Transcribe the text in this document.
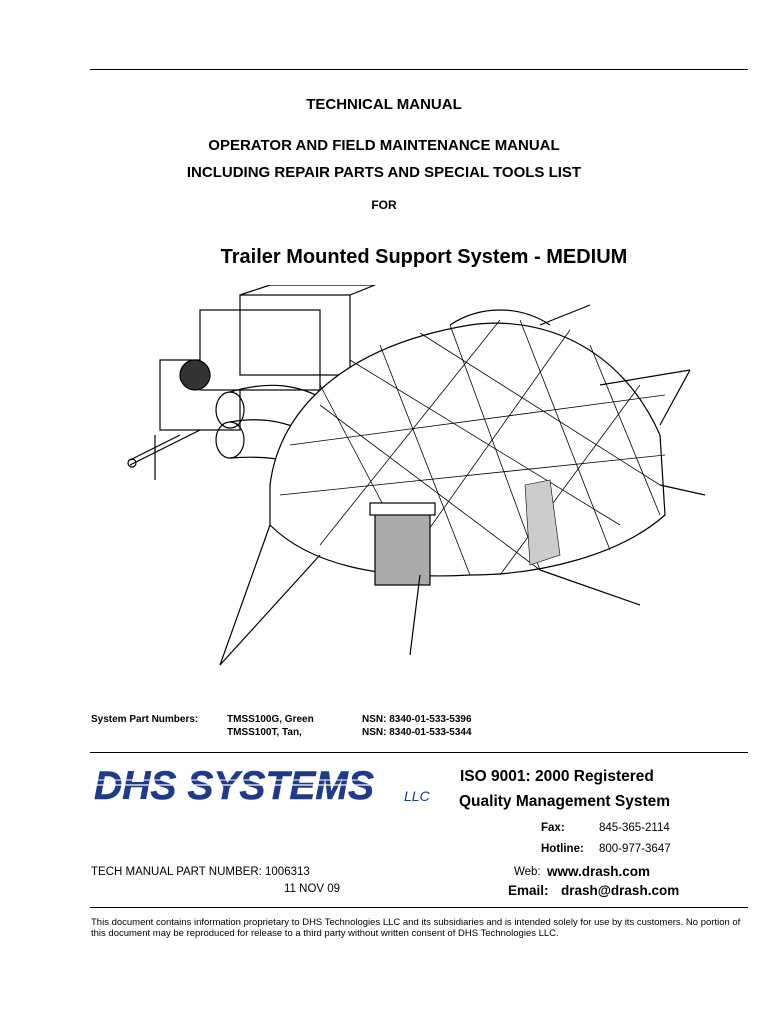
TECHNICAL MANUAL
OPERATOR AND FIELD MAINTENANCE MANUAL
INCLUDING REPAIR PARTS AND SPECIAL TOOLS LIST
FOR
Trailer Mounted Support System - MEDIUM
System Part Numbers:	TMSS100G, Green
TMSS100T, Tan,
NSN: 8340-01-533-5396
NSN: 8340-01-533-5344
DHS SYSTEMS LLC
ISO 9001: 2000 Registered
Quality Management System
Fax:	845-365-2114
Hotline: 800-977-3647
Web: www.drash.com
Email: drash@drash.com
TECH MANUAL PART NUMBER: 1006313
11 NOV 09
This document contains information proprietary to DHS Technologies LLC and its subsidiaries and is intended solely for use by its customers. No portion of this document may be reproduced for release to a third party without written consent of DHS Technologies LLC.
